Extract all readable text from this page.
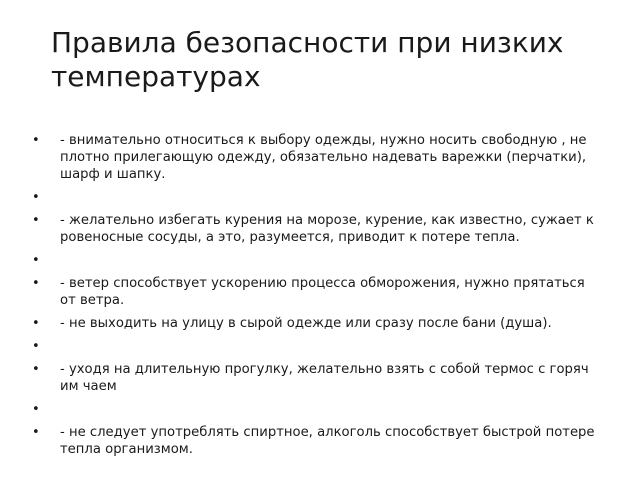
Правила безопасности при низких температурах
• - внимательно относиться к выбору одежды, нужно носить свободную , не плотно прилегающую одежду, обязательно надевать варежки (перчатки), шарф и шапку.
•
• - желательно избегать курения на морозе, курение, как известно, сужает кровеносные сосуды, а это, разумеется, приводит к потере тепла.
•
• - ветер способствует ускорению процесса обморожения, нужно прятаться от ветра.
• - не выходить на улицу в сырой одежде или сразу после бани (душа).
•
• - уходя на длительную прогулку, желательно взять с собой термос с горячим чаем
•
• - не следует употреблять спиртное, алкоголь способствует быстрой потере тепла организмом.
